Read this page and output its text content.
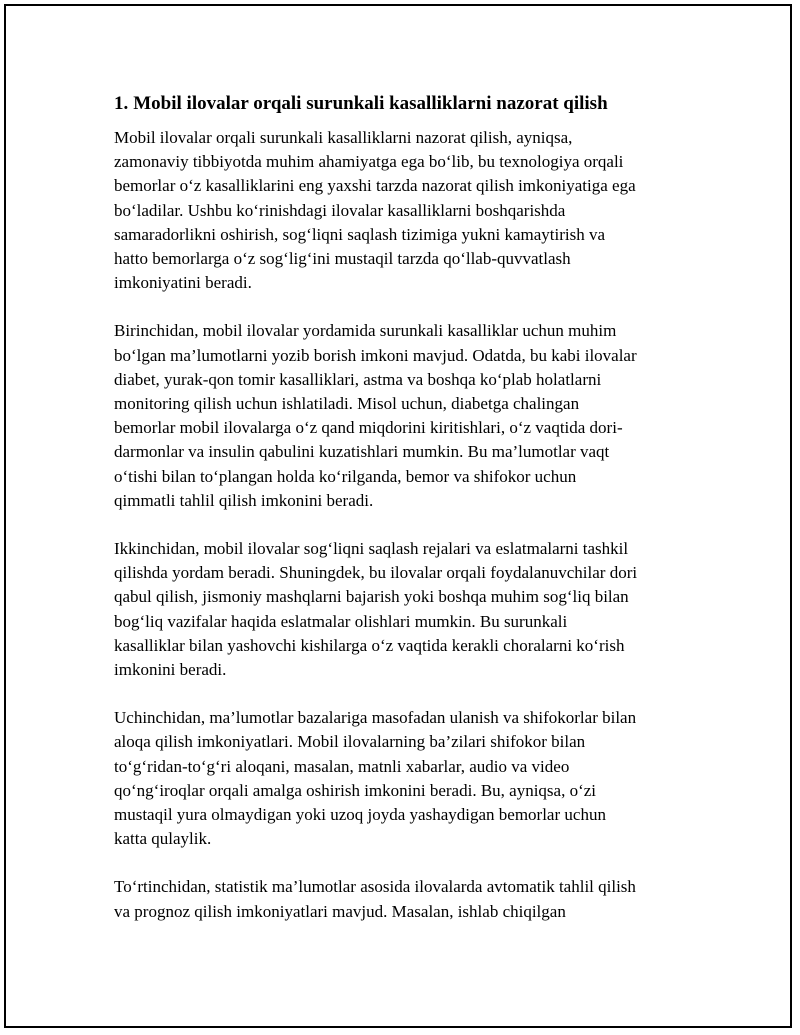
1. Mobil ilovalar orqali surunkali kasalliklarni nazorat qilish

Mobil ilovalar orqali surunkali kasalliklarni nazorat qilish, ayniqsa,
zamonaviy tibbiyotda muhim ahamiyatga ega bo‘lib, bu texnologiya orqali
bemorlar o‘z kasalliklarini eng yaxshi tarzda nazorat qilish imkoniyatiga ega
bo‘ladilar. Ushbu ko‘rinishdagi ilovalar kasalliklarni boshqarishda
samaradorlikni oshirish, sog‘liqni saqlash tizimiga yukni kamaytirish va
hatto bemorlarga o‘z sog‘lig‘ini mustaqil tarzda qo‘llab-quvvatlash
imkoniyatini beradi.

Birinchidan, mobil ilovalar yordamida surunkali kasalliklar uchun muhim
bo‘lgan ma’lumotlarni yozib borish imkoni mavjud. Odatda, bu kabi ilovalar
diabet, yurak-qon tomir kasalliklari, astma va boshqa ko‘plab holatlarni
monitoring qilish uchun ishlatiladi. Misol uchun, diabetga chalingan
bemorlar mobil ilovalarga o‘z qand miqdorini kiritishlari, o‘z vaqtida dori-
darmonlar va insulin qabulini kuzatishlari mumkin. Bu ma’lumotlar vaqt
o‘tishi bilan to‘plangan holda ko‘rilganda, bemor va shifokor uchun
qimmatli tahlil qilish imkonini beradi.

Ikkinchidan, mobil ilovalar sog‘liqni saqlash rejalari va eslatmalarni tashkil
qilishda yordam beradi. Shuningdek, bu ilovalar orqali foydalanuvchilar dori
qabul qilish, jismoniy mashqlarni bajarish yoki boshqa muhim sog‘liq bilan
bog‘liq vazifalar haqida eslatmalar olishlari mumkin. Bu surunkali
kasalliklar bilan yashovchi kishilarga o‘z vaqtida kerakli choralarni ko‘rish
imkonini beradi.

Uchinchidan, ma’lumotlar bazalariga masofadan ulanish va shifokorlar bilan
aloqa qilish imkoniyatlari. Mobil ilovalarning ba’zilari shifokor bilan
to‘g‘ridan-to‘g‘ri aloqani, masalan, matnli xabarlar, audio va video
qo‘ng‘iroqlar orqali amalga oshirish imkonini beradi. Bu, ayniqsa, o‘zi
mustaqil yura olmaydigan yoki uzoq joyda yashaydigan bemorlar uchun
katta qulaylik.

To‘rtinchidan, statistik ma’lumotlar asosida ilovalarda avtomatik tahlil qilish
va prognoz qilish imkoniyatlari mavjud. Masalan, ishlab chiqilgan
